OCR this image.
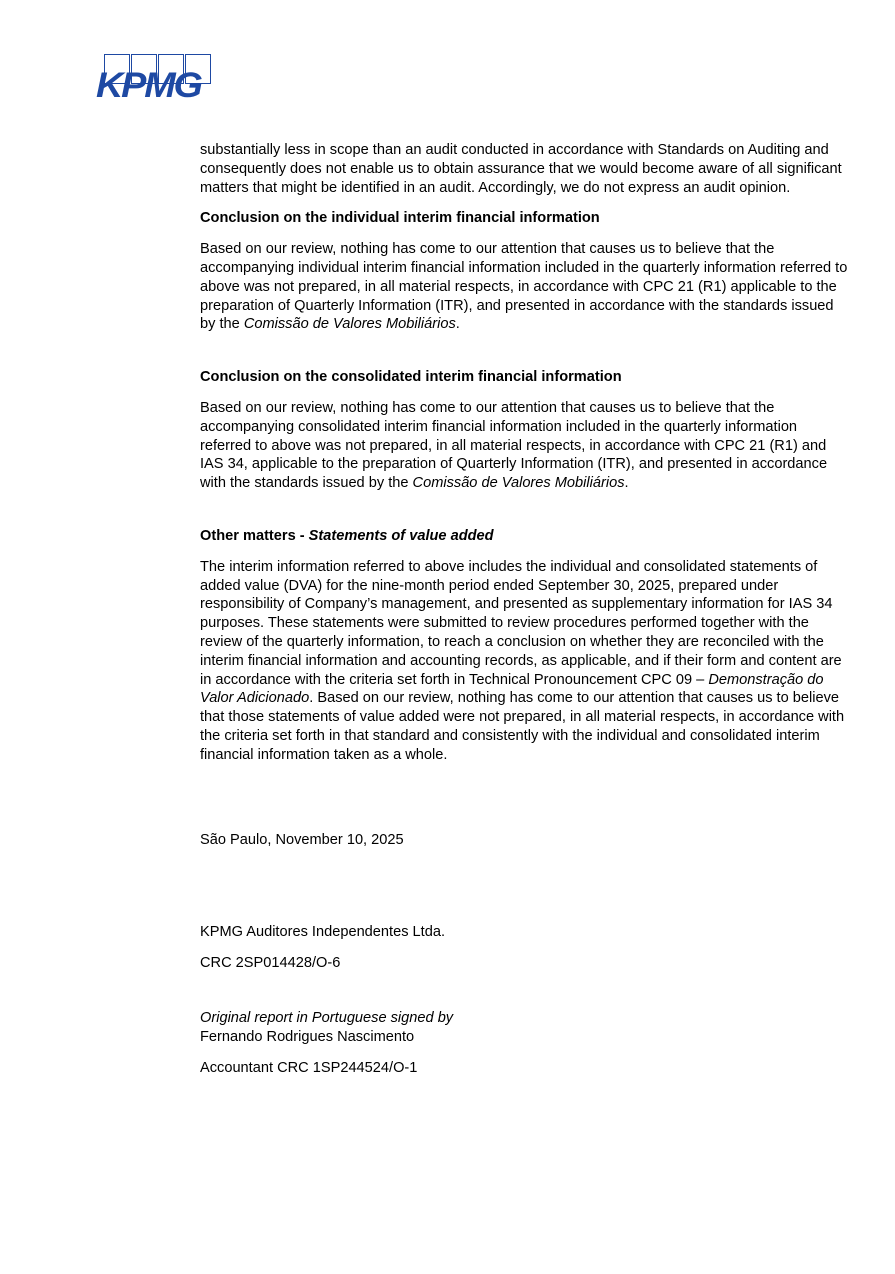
KPMG

substantially less in scope than an audit conducted in accordance with Standards on Auditing and consequently does not enable us to obtain assurance that we would become aware of all significant matters that might be identified in an audit. Accordingly, we do not express an audit opinion.

Conclusion on the individual interim financial information

Based on our review, nothing has come to our attention that causes us to believe that the accompanying individual interim financial information included in the quarterly information referred to above was not prepared, in all material respects, in accordance with CPC 21 (R1) applicable to the preparation of Quarterly Information (ITR), and presented in accordance with the standards issued by the Comissão de Valores Mobiliários.

Conclusion on the consolidated interim financial information

Based on our review, nothing has come to our attention that causes us to believe that the accompanying consolidated interim financial information included in the quarterly information referred to above was not prepared, in all material respects, in accordance with CPC 21 (R1) and IAS 34, applicable to the preparation of Quarterly Information (ITR), and presented in accordance with the standards issued by the Comissão de Valores Mobiliários.

Other matters - Statements of value added

The interim information referred to above includes the individual and consolidated statements of added value (DVA) for the nine-month period ended September 30, 2025, prepared under responsibility of Company’s management, and presented as supplementary information for IAS 34 purposes. These statements were submitted to review procedures performed together with the review of the quarterly information, to reach a conclusion on whether they are reconciled with the interim financial information and accounting records, as applicable, and if their form and content are in accordance with the criteria set forth in Technical Pronouncement CPC 09 – Demonstração do Valor Adicionado. Based on our review, nothing has come to our attention that causes us to believe that those statements of value added were not prepared, in all material respects, in accordance with the criteria set forth in that standard and consistently with the individual and consolidated interim financial information taken as a whole.

São Paulo, November 10, 2025

KPMG Auditores Independentes Ltda.

CRC 2SP014428/O-6

Original report in Portuguese signed by

Fernando Rodrigues Nascimento

Accountant CRC 1SP244524/O-1
